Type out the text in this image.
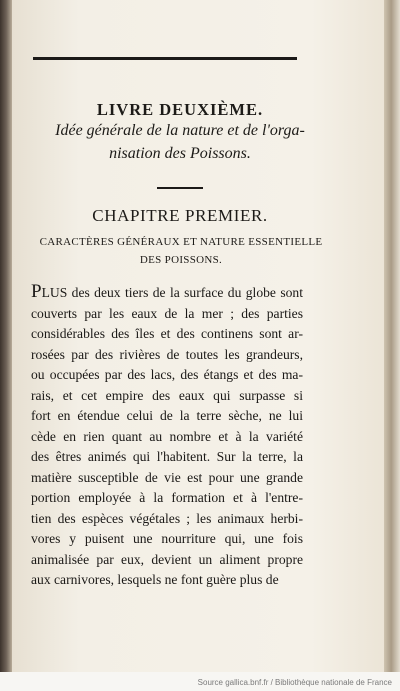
LIVRE DEUXIÈME.
Idée générale de la nature et de l'orga-
nisation des Poissons.
CHAPITRE PREMIER.
CARACTÈRES GÉNÉRAUX ET NATURE ESSENTIELLE
DES POISSONS.
PLUS des deux tiers de la surface du globe sont
couverts par les eaux de la mer ; des parties
considérables des îles et des continens sont ar-
rosées par des rivières de toutes les grandeurs,
ou occupées par des lacs, des étangs et des ma-
rais, et cet empire des eaux qui surpasse si
fort en étendue celui de la terre sèche, ne lui
cède en rien quant au nombre et à la variété
des êtres animés qui l'habitent. Sur la terre, la
matière susceptible de vie est pour une grande
portion employée à la formation et à l'entre-
tien des espèces végétales ; les animaux herbi-
vores y puisent une nourriture qui, une fois
animalisée par eux, devient un aliment propre
aux carnivores, lesquels ne font guère plus de
Source gallica.bnf.fr / Bibliothèque nationale de France
